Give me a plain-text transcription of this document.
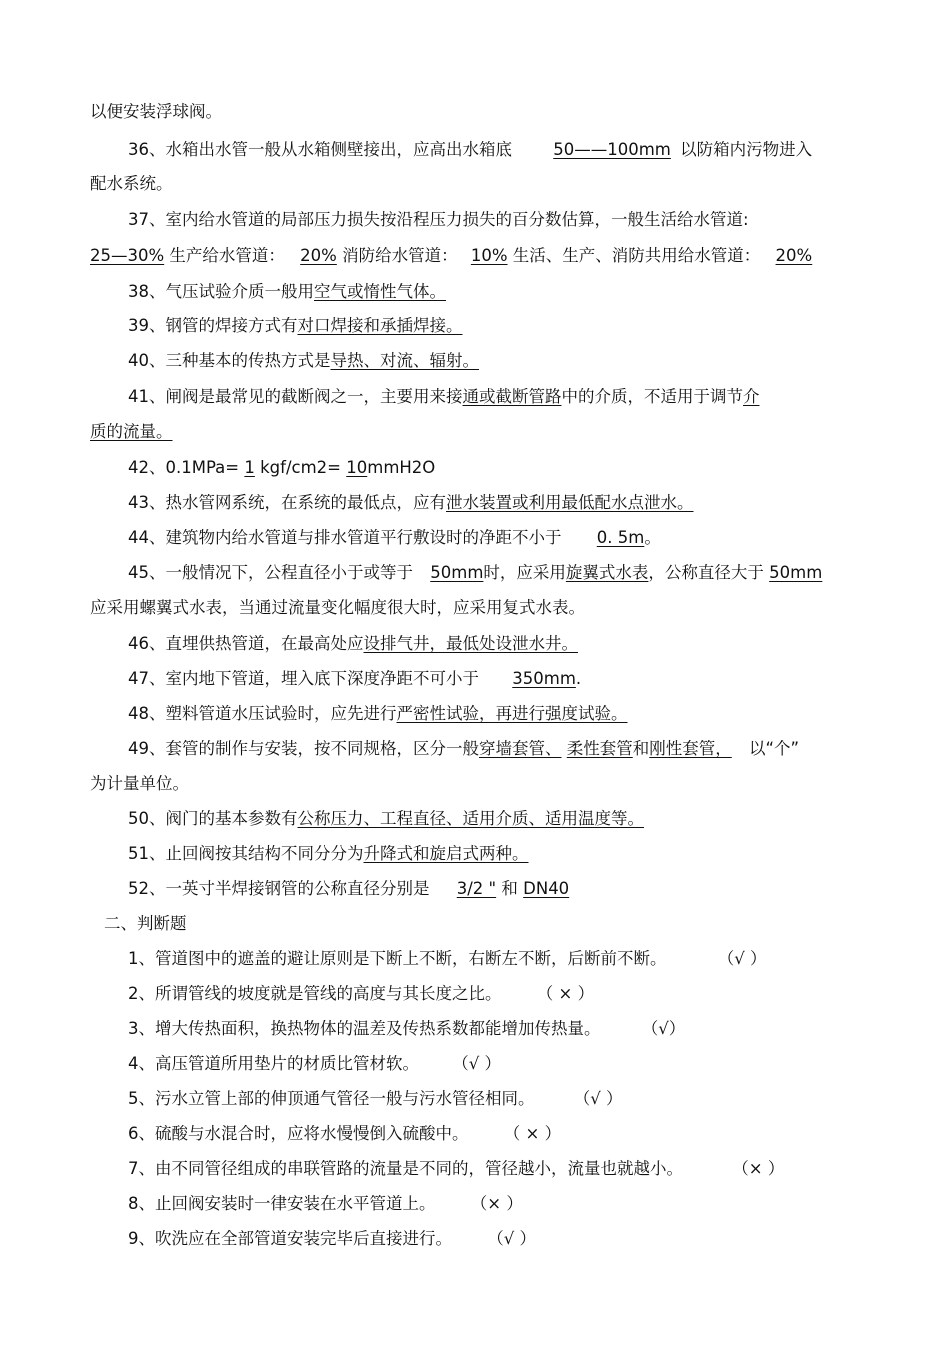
以便安装浮球阀。
36、水箱出水管一般从水箱侧壁接出，应高出水箱底	50——100mm 以防箱内污物进入
配水系统。
37、室内给水管道的局部压力损失按沿程压力损失的百分数估算，一般生活给水管道:
25—30% 生产给水管道： 20% 消防给水管道： 10% 生活、生产、消防共用给水管道： 20%
38、气压试验介质一般用空气或惰性气体。
39、钢管的焊接方式有对口焊接和承插焊接。
40、三种基本的传热方式是导热、对流、辐射。
41、闸阀是最常见的截断阀之一，主要用来接通或截断管路中的介质，不适用于调节介
质的流量。
42、0.1MPa= 1 kgf/cm2= 10mmH2O
43、热水管网系统，在系统的最低点，应有泄水装置或利用最低配水点泄水。
44、建筑物内给水管道与排水管道平行敷设时的净距不小于 0. 5m。
45、一般情况下，公程直径小于或等于 50mm时，应采用旋翼式水表，公称直径大于 50mm
应采用螺翼式水表，当通过流量变化幅度很大时，应采用复式水表。
46、直埋供热管道，在最高处应设排气井，最低处设泄水井。
47、室内地下管道，埋入底下深度净距不可小于 350mm.
48、塑料管道水压试验时，应先进行严密性试验，再进行强度试验。
49、套管的制作与安装，按不同规格，区分一般穿墙套管、 柔性套管和刚性套管， 以“个”
为计量单位。
50、阀门的基本参数有公称压力、工程直径、适用介质、适用温度等。
51、止回阀按其结构不同分分为升降式和旋启式两种。
52、一英寸半焊接钢管的公称直径分别是 3/2 " 和 DN40
二、判断题
1、管道图中的遮盖的避让原则是下断上不断，右断左不断，后断前不断。	（√ ）
2、所谓管线的坡度就是管线的高度与其长度之比。 （ × ）
3、增大传热面积，换热物体的温差及传热系数都能增加传热量。	（√）
4、高压管道所用垫片的材质比管材软。 （√ ）
5、污水立管上部的伸顶通气管径一般与污水管径相同。 （√ ）
6、硫酸与水混合时，应将水慢慢倒入硫酸中。 （ × ）
7、由不同管径组成的串联管路的流量是不同的，管径越小，流量也就越小。	（× ）
8、止回阀安装时一律安装在水平管道上。 （× ）
9、吹洗应在全部管道安装完毕后直接进行。 （√ ）
